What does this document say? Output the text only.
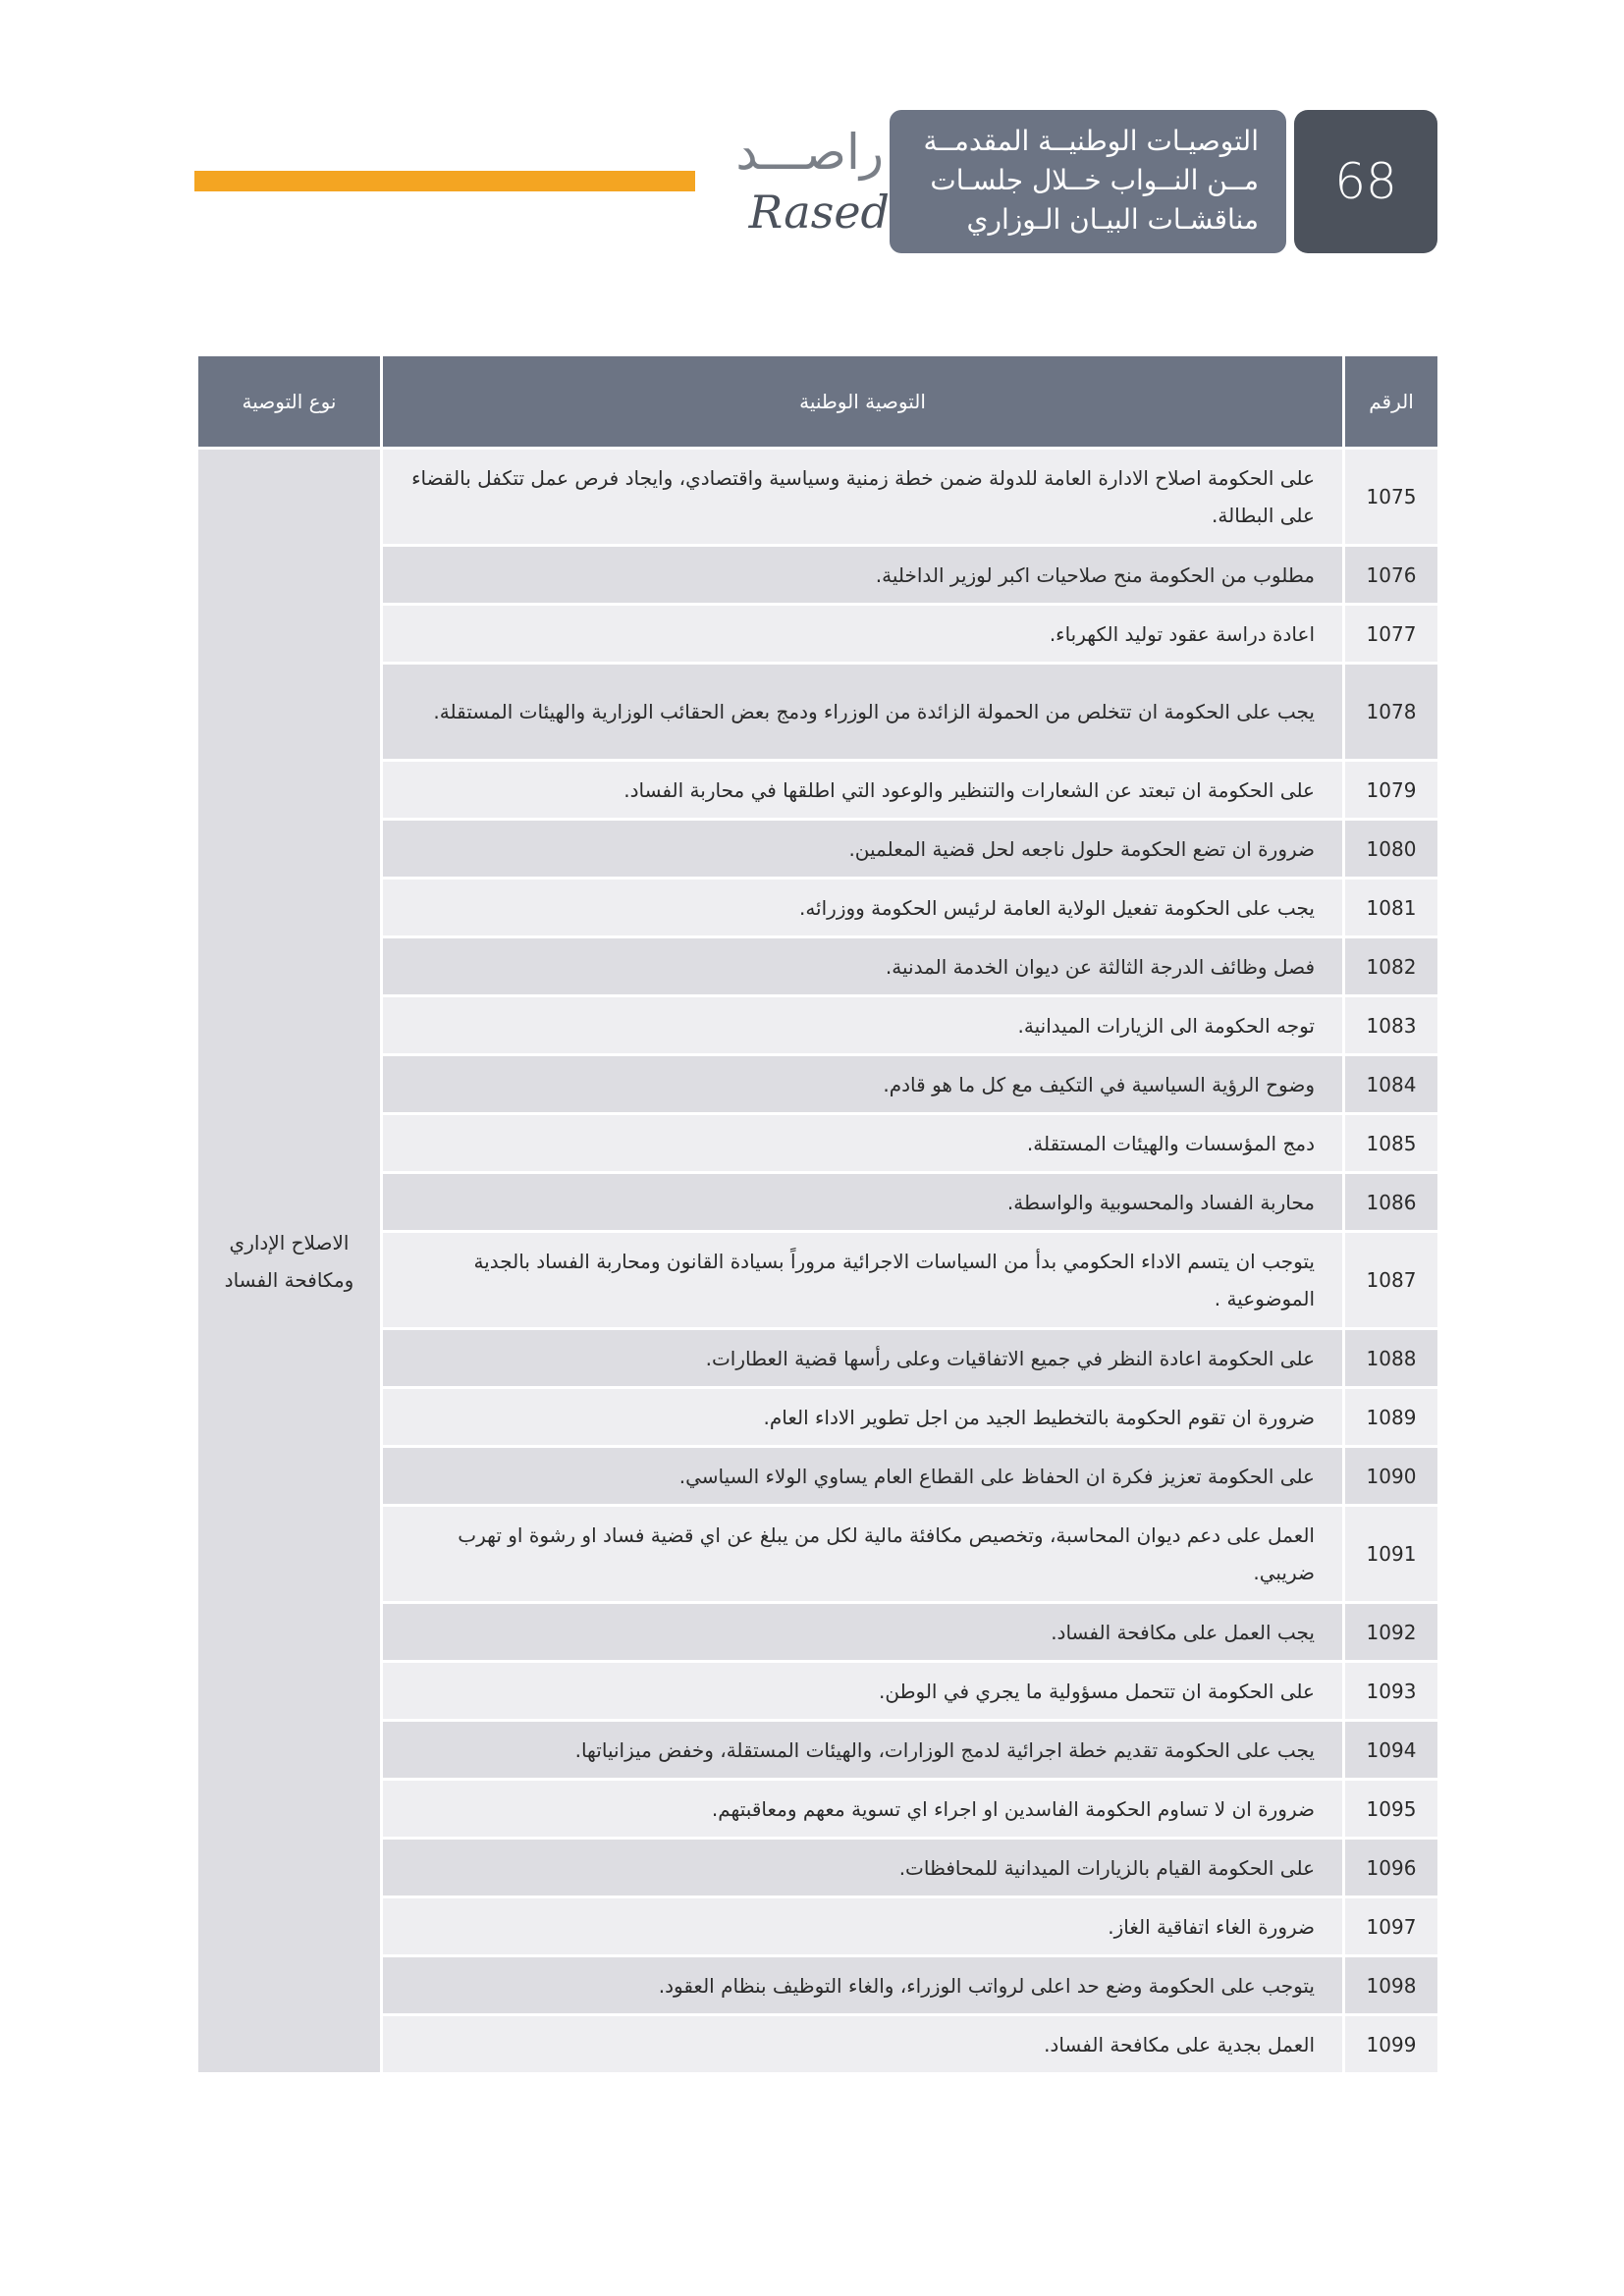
راصـــد
Rased
التوصيـات الوطنيــة المقدمــة
مــن النــواب خــلال جلسـات
مناقشـات البيـان الـوزاري
68
الرقم	التوصية الوطنية	نوع التوصية
1075	على الحكومة اصلاح الادارة العامة للدولة ضمن خطة زمنية وسياسية واقتصادي، وايجاد فرص عمل تتكفل بالقضاء على البطالة.	الاصلاح الإداري ومكافحة الفساد
1076	مطلوب من الحكومة منح صلاحيات اكبر لوزير الداخلية.	
1077	اعادة دراسة عقود توليد الكهرباء.	
1078	يجب على الحكومة ان تتخلص من الحمولة الزائدة من الوزراء ودمج بعض الحقائب الوزارية والهيئات المستقلة.	
1079	على الحكومة ان تبعتد عن الشعارات والتنظير والوعود التي اطلقها في محاربة الفساد.	
1080	ضرورة ان تضع الحكومة حلول ناجعه لحل قضية المعلمين.	
1081	يجب على الحكومة تفعيل الولاية العامة لرئيس الحكومة ووزرائه.	
1082	فصل وظائف الدرجة الثالثة عن ديوان الخدمة المدنية.	
1083	توجه الحكومة الى الزيارات الميدانية.	
1084	وضوح الرؤية السياسية في التكيف مع كل ما هو قادم.	
1085	دمج المؤسسات والهيئات المستقلة.	
1086	محاربة الفساد والمحسوبية والواسطة.	
1087	يتوجب ان يتسم الاداء الحكومي بدأ من السياسات الاجرائية مروراً بسيادة القانون ومحاربة الفساد بالجدية الموضوعية .	
1088	على الحكومة اعادة النظر في جميع الاتفاقيات وعلى رأسها قضية العطارات.	
1089	ضرورة ان تقوم الحكومة بالتخطيط الجيد من اجل تطوير الاداء العام.	
1090	على الحكومة تعزيز فكرة ان الحفاظ على القطاع العام يساوي الولاء السياسي.	
1091	العمل على دعم ديوان المحاسبة، وتخصيص مكافئة مالية لكل من يبلغ عن اي قضية فساد او رشوة او تهرب ضريبي.	
1092	يجب العمل على مكافحة الفساد.	
1093	على الحكومة ان تتحمل مسؤولية ما يجري في الوطن.	
1094	يجب على الحكومة تقديم خطة اجرائية لدمج الوزارات، والهيئات المستقلة، وخفض ميزانياتها.	
1095	ضرورة ان لا تساوم الحكومة الفاسدين او اجراء اي تسوية معهم ومعاقبتهم.	
1096	على الحكومة القيام بالزيارات الميدانية للمحافظات.	
1097	ضرورة الغاء اتفاقية الغاز.	
1098	يتوجب على الحكومة وضع حد اعلى لرواتب الوزراء، والغاء التوظيف بنظام العقود.	
1099	العمل بجدية على مكافحة الفساد.	
